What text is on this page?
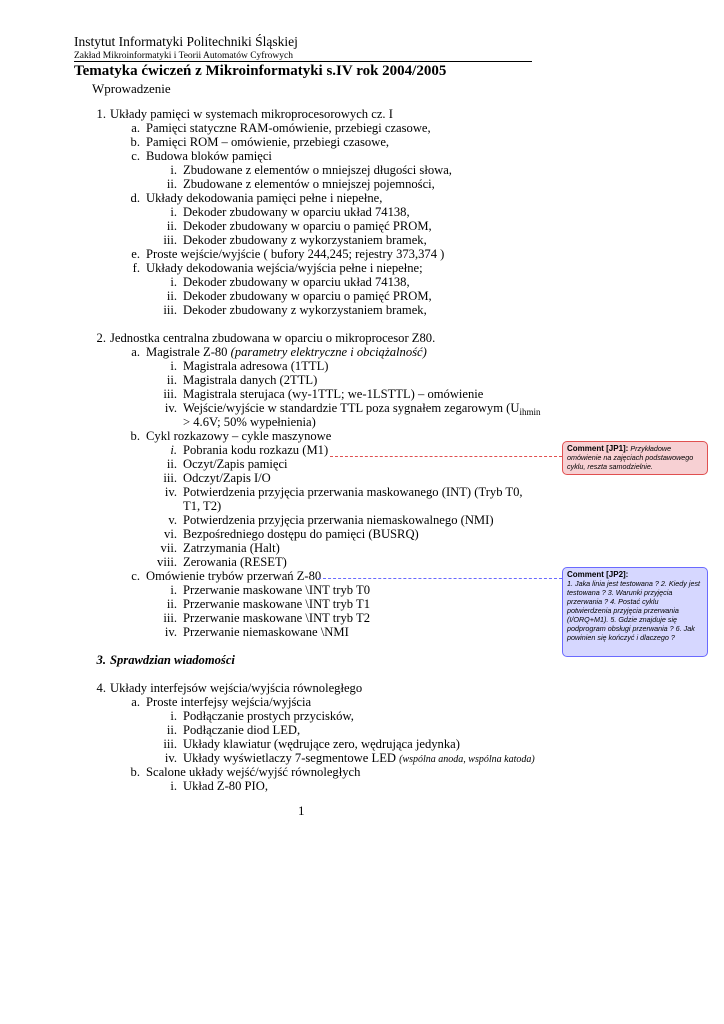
Instytut Informatyki Politechniki Śląskiej
Zakład Mikroinformatyki i Teorii Automatów Cyfrowych
Tematyka ćwiczeń z Mikroinformatyki s.IV rok 2004/2005
Wprowadzenie
1. Układy pamięci w systemach mikroprocesorowych cz. I
a. Pamięci statyczne RAM-omówienie, przebiegi czasowe,
b. Pamięci ROM – omówienie, przebiegi czasowe,
c. Budowa bloków pamięci
i. Zbudowane z elementów o mniejszej długości słowa,
ii. Zbudowane z elementów o mniejszej pojemności,
d. Układy dekodowania pamięci pełne i niepełne,
i. Dekoder zbudowany w oparciu układ 74138,
ii. Dekoder zbudowany w oparciu o pamięć PROM,
iii. Dekoder zbudowany z wykorzystaniem bramek,
e. Proste wejście/wyjście ( bufory 244,245; rejestry 373,374 )
f. Układy dekodowania wejścia/wyjścia pełne i niepełne;
i. Dekoder zbudowany w oparciu układ 74138,
ii. Dekoder zbudowany w oparciu o pamięć PROM,
iii. Dekoder zbudowany z wykorzystaniem bramek,
2. Jednostka centralna zbudowana w oparciu o mikroprocesor Z80.
a. Magistrale Z-80 (parametry elektryczne i obciążalność)
i. Magistrala adresowa (1TTL)
ii. Magistrala danych (2TTL)
iii. Magistrala sterujaca (wy-1TTL; we-1LSTTL) – omówienie
iv. Wejście/wyjście w standardzie TTL poza sygnałem zegarowym ($U_{ihmin}$
> 4.6V; 50% wypełnienia)
b. Cykl rozkazowy – cykle maszynowe
i. Pobrania kodu rozkazu (M1)
ii. Oczyt/Zapis pamięci
iii. Odczyt/Zapis I/O
iv. Potwierdzenia przyjęcia przerwania maskowanego (INT) (Tryb T0,
T1, T2)
v. Potwierdzenia przyjęcia przerwania niemaskowalnego (NMI)
vi. Bezpośredniego dostępu do pamięci (BUSRQ)
vii. Zatrzymania (Halt)
viii. Zerowania (RESET)
c. Omówienie trybów przerwań Z-80
i. Przerwanie maskowane \INT tryb T0
ii. Przerwanie maskowane \INT tryb T1
iii. Przerwanie maskowane \INT tryb T2
iv. Przerwanie niemaskowane \NMI
3. Sprawdzian wiadomości
4. Układy interfejsów wejścia/wyjścia równoległego
a. Proste interfejsy wejścia/wyjścia
i. Podłączanie prostych przycisków,
ii. Podłączanie diod LED,
iii. Układy klawiatur (wędrujące zero, wędrująca jedynka)
iv. Układy wyświetlaczy 7-segmentowe LED (wspólna anoda, wspólna katoda)
b. Scalone układy wejść/wyjść równoległych
i. Układ Z-80 PIO,
1
Comment [JP1]: Przykładowe omówienie na zajęciach podstawowego cyklu, reszta samodzielnie.
Comment [JP2]:
1. Jaka linia jest testowana ? 2. Kiedy jest testowana ? 3. Warunki przyjęcia przerwania ? 4. Postać cyklu potwierdzenia przyjęcia przerwania (I/ORQ+M1). 5. Gdzie znajduje się podprogram obsługi przerwania ? 6. Jak powinien się kończyć i dlaczego ?
